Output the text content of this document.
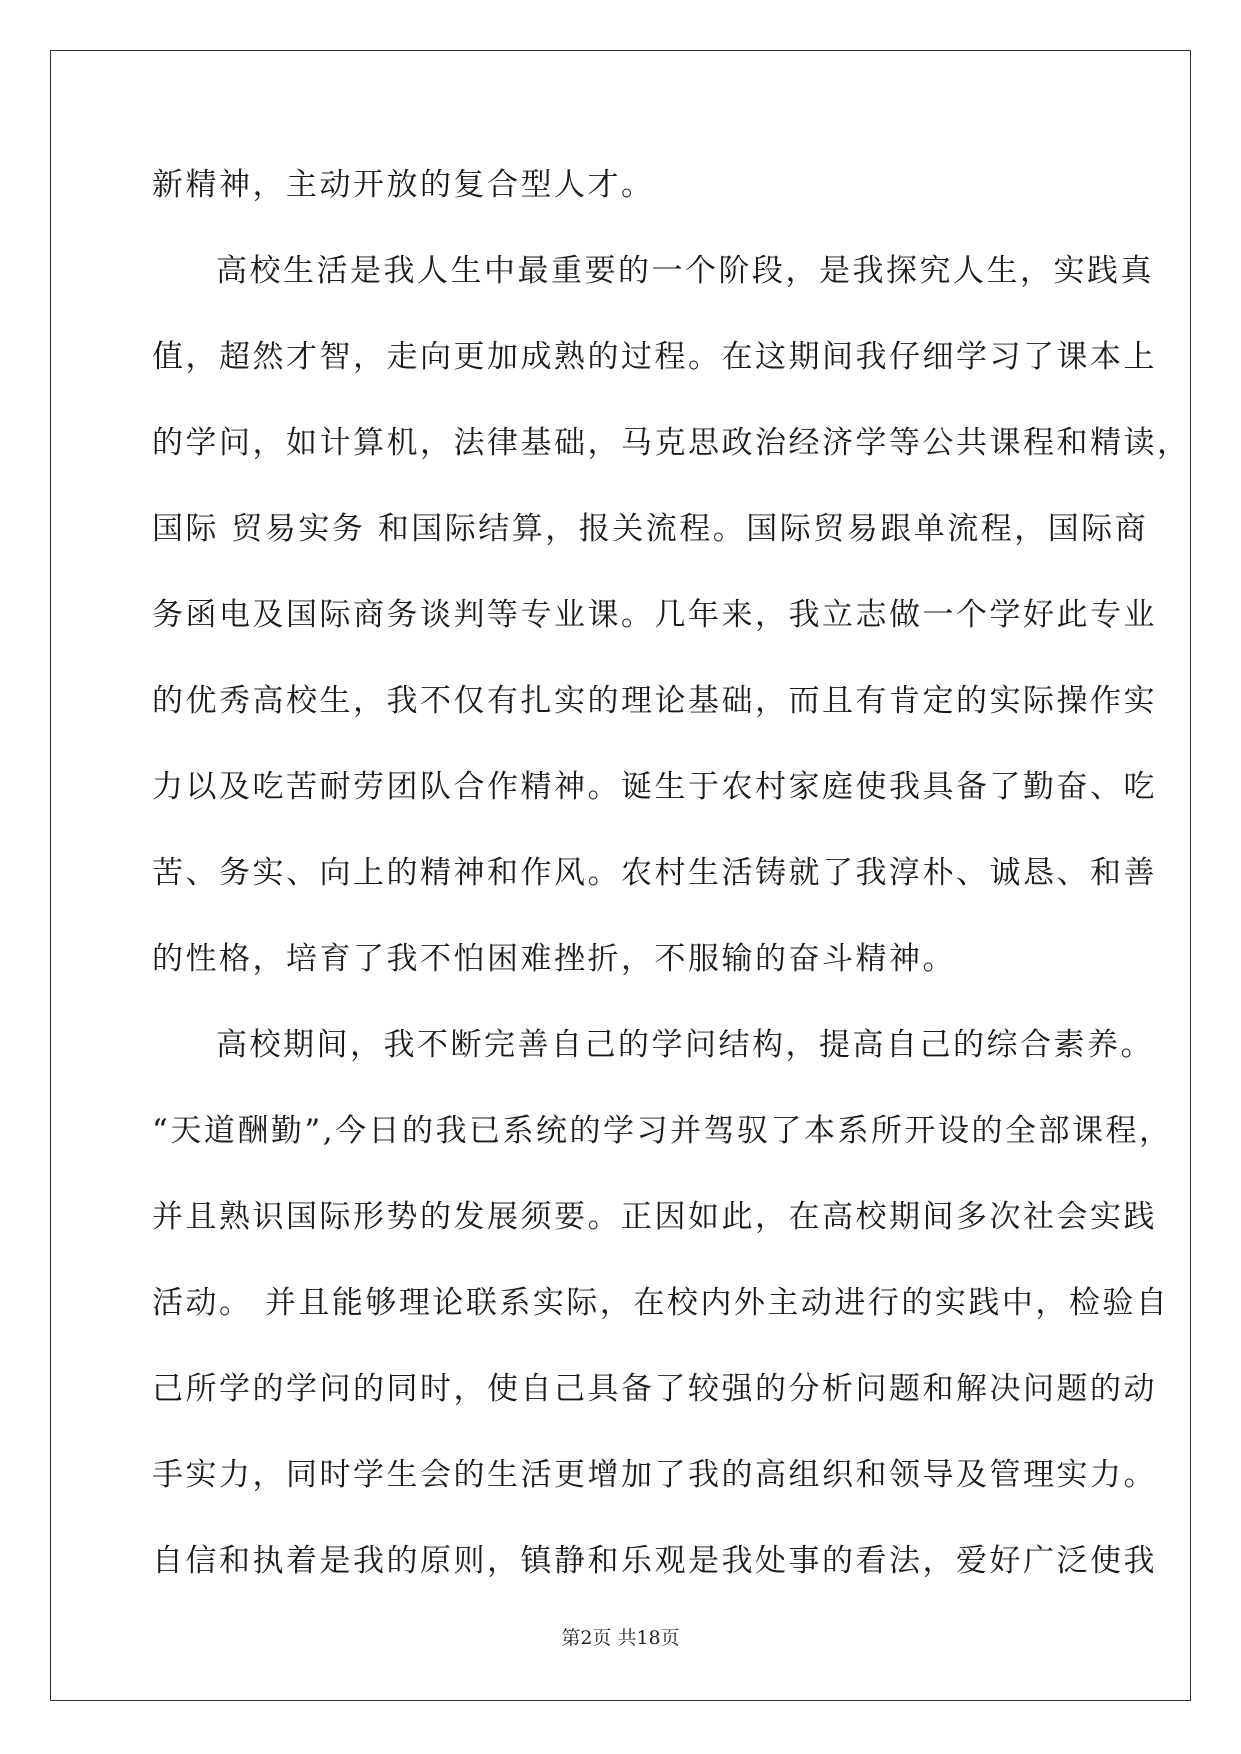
新精神，主动开放的复合型人才。
高校生活是我人生中最重要的一个阶段，是我探究人生，实践真
值，超然才智，走向更加成熟的过程。在这期间我仔细学习了课本上
的学问，如计算机，法律基础，马克思政治经济学等公共课程和精读，
国际 贸易实务 和国际结算，报关流程。国际贸易跟单流程，国际商
务函电及国际商务谈判等专业课。几年来，我立志做一个学好此专业
的优秀高校生，我不仅有扎实的理论基础，而且有肯定的实际操作实
力以及吃苦耐劳团队合作精神。诞生于农村家庭使我具备了勤奋、吃
苦、务实、向上的精神和作风。农村生活铸就了我淳朴、诚恳、和善
的性格，培育了我不怕困难挫折，不服输的奋斗精神。
高校期间，我不断完善自己的学问结构，提高自己的综合素养。
“天道酬勤”,今日的我已系统的学习并驾驭了本系所开设的全部课程，
并且熟识国际形势的发展须要。正因如此，在高校期间多次社会实践
活动。 并且能够理论联系实际，在校内外主动进行的实践中，检验自
己所学的学问的同时，使自己具备了较强的分析问题和解决问题的动
手实力，同时学生会的生活更增加了我的高组织和领导及管理实力。
自信和执着是我的原则，镇静和乐观是我处事的看法，爱好广泛使我
第2页 共18页
